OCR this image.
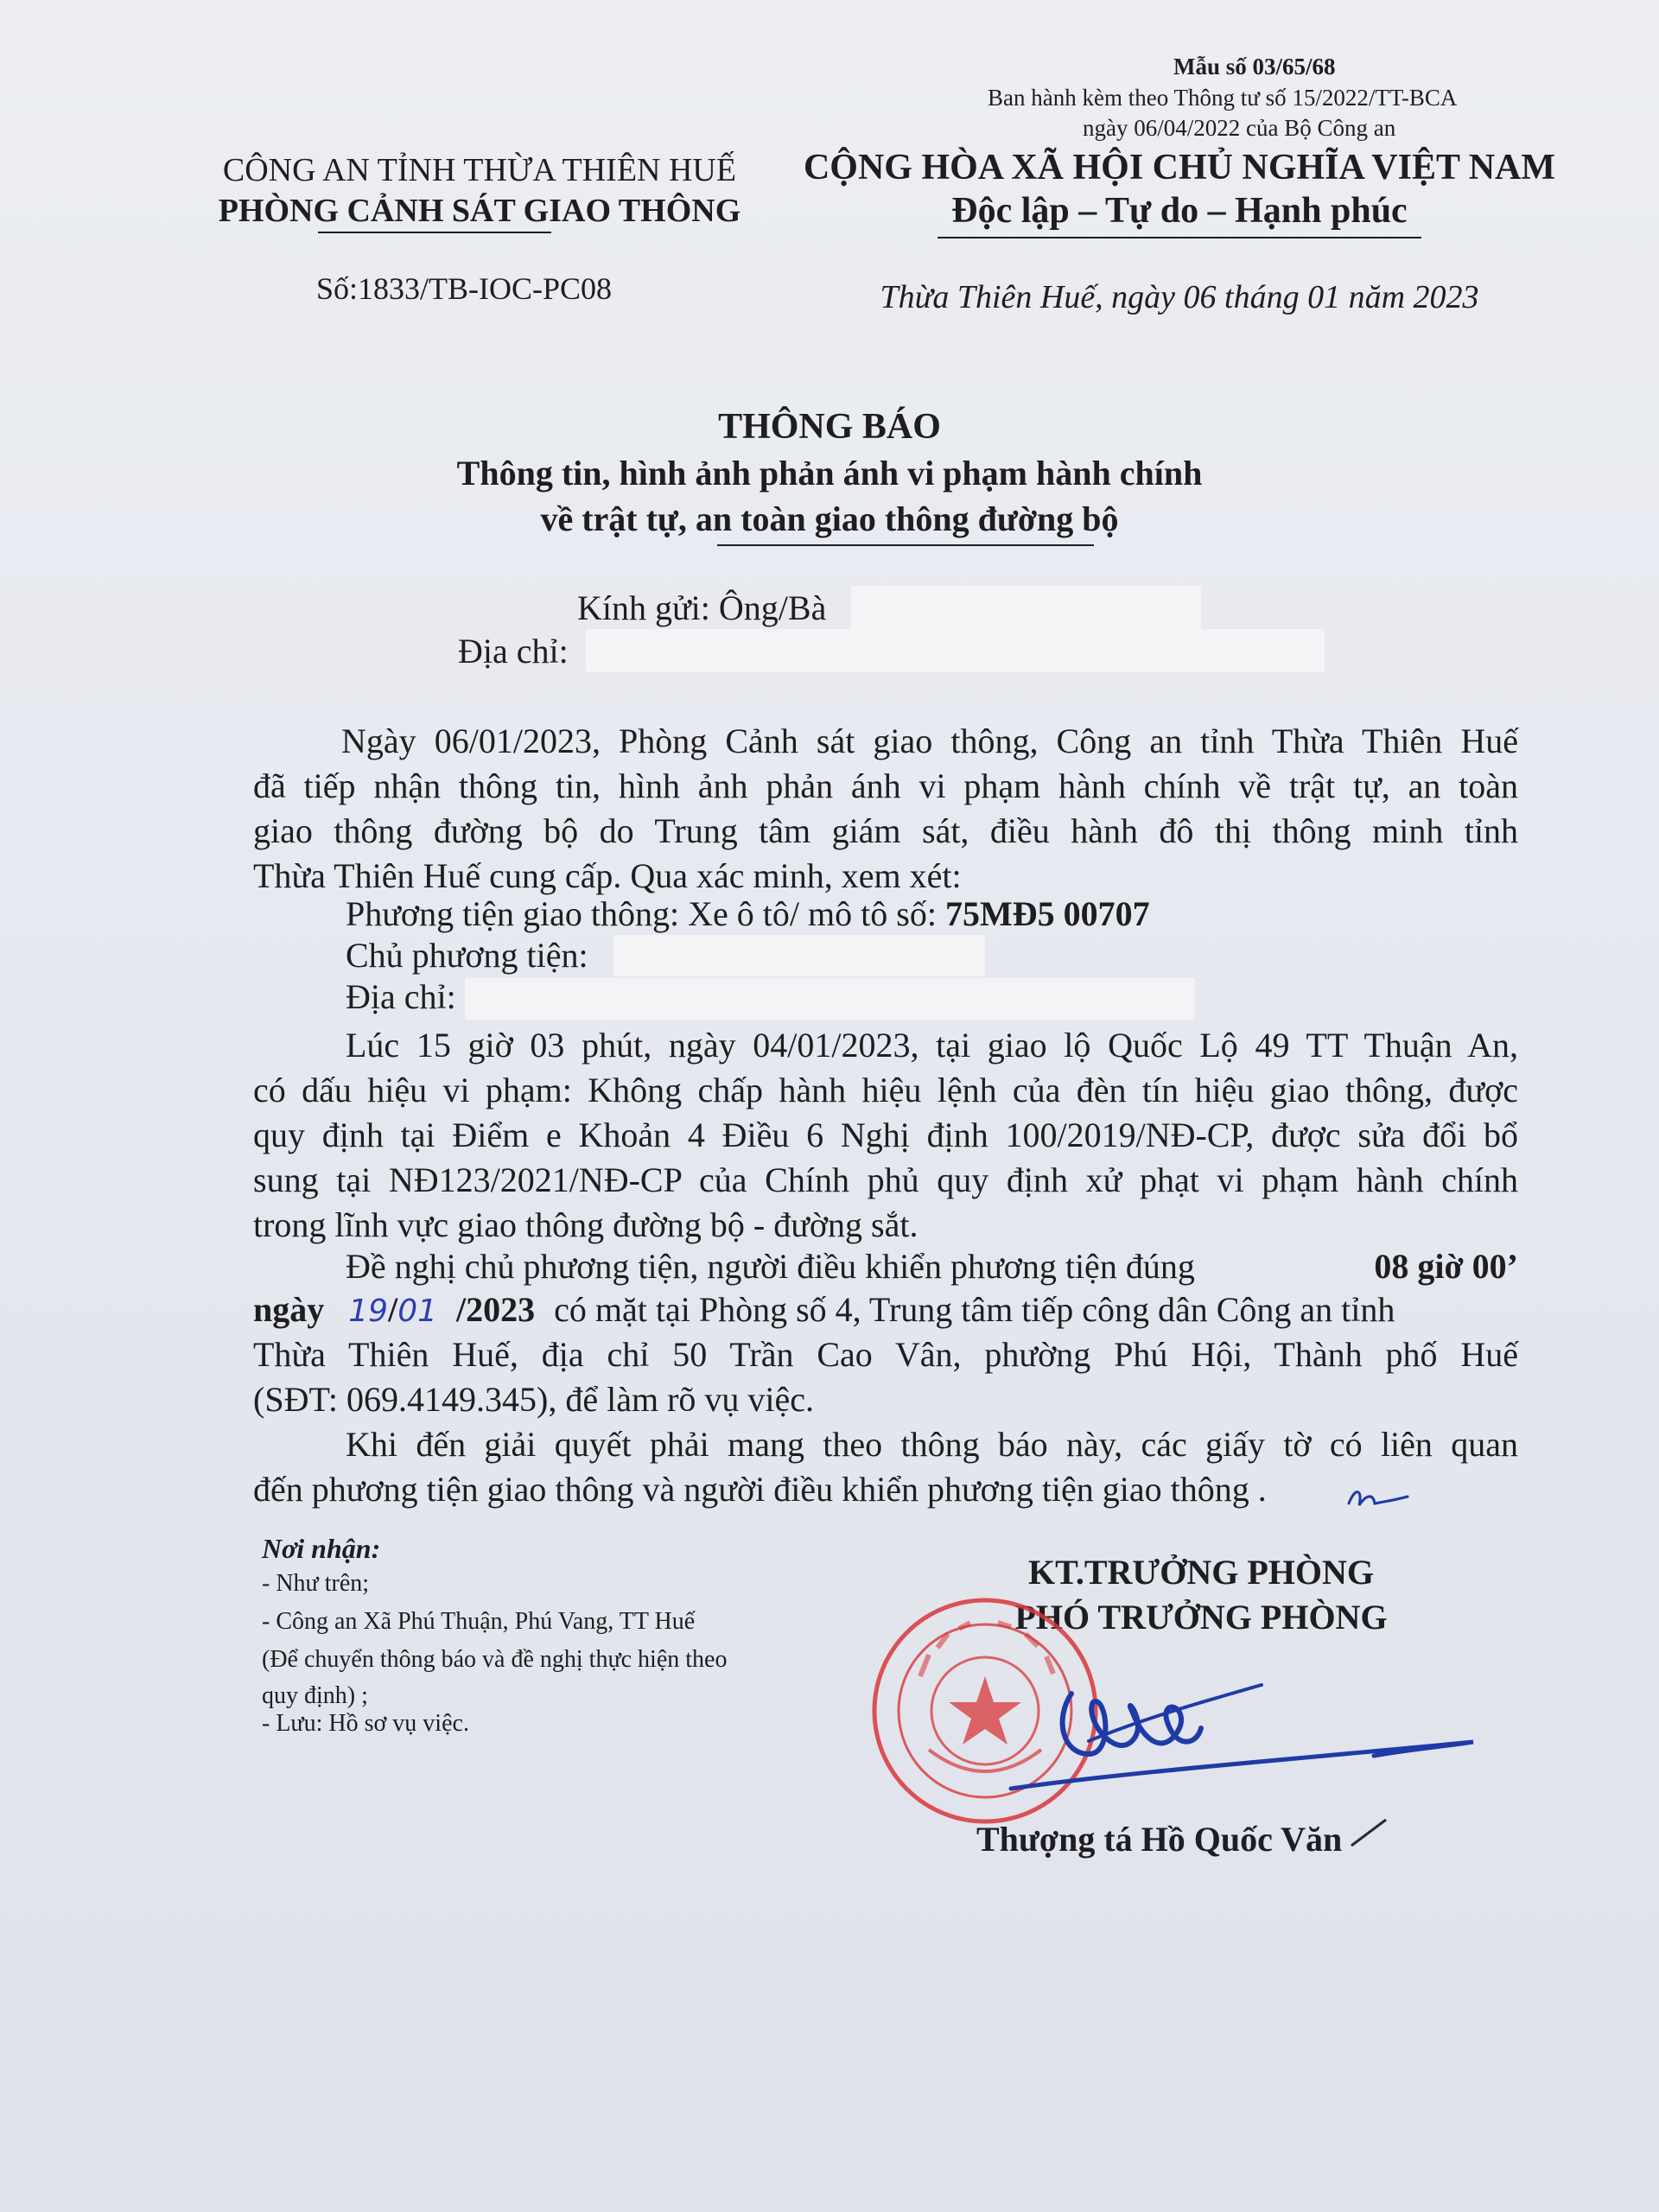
Mẫu số 03/65/68
Ban hành kèm theo Thông tư số 15/2022/TT-BCA
ngày 06/04/2022 của Bộ Công an
CÔNG AN TỈNH THỪA THIÊN HUẾ
PHÒNG CẢNH SÁT GIAO THÔNG
Số:1833/TB-IOC-PC08
CỘNG HÒA XÃ HỘI CHỦ NGHĨA VIỆT NAM
Độc lập – Tự do – Hạnh phúc
Thừa Thiên Huế, ngày 06 tháng 01 năm 2023
THÔNG BÁO
Thông tin, hình ảnh phản ánh vi phạm hành chính
về trật tự, an toàn giao thông đường bộ
Kính gửi: Ông/Bà
Địa chỉ:

Ngày 06/01/2023, Phòng Cảnh sát giao thông, Công an tỉnh Thừa Thiên Huế

đã tiếp nhận thông tin, hình ảnh phản ánh vi phạm hành chính về trật tự, an toàn

giao thông đường bộ do Trung tâm giám sát, điều hành đô thị thông minh tỉnh

Thừa Thiên Huế cung cấp. Qua xác minh, xem xét:

Phương tiện giao thông: Xe ô tô/ mô tô số: 75MĐ5 00707

Chủ phương tiện:

Địa chỉ:

Lúc 15 giờ 03 phút, ngày 04/01/2023, tại giao lộ Quốc Lộ 49 TT Thuận An,

có dấu hiệu vi phạm: Không chấp hành hiệu lệnh của đèn tín hiệu giao thông, được

quy định tại Điểm e Khoản 4 Điều 6 Nghị định 100/2019/NĐ-CP, được sửa đổi bổ

sung tại NĐ123/2021/NĐ-CP của Chính phủ quy định xử phạt vi phạm hành chính

trong lĩnh vực giao thông đường bộ - đường sắt.

Đề nghị chủ phương tiện, người điều khiển phương tiện đúng	08 giờ 00’

ngày 19/01 /2023 có mặt tại Phòng số 4, Trung tâm tiếp công dân Công an tỉnh

Thừa Thiên Huế, địa chỉ 50 Trần Cao Vân, phường Phú Hội, Thành phố Huế

(SĐT: 069.4149.345), để làm rõ vụ việc.

Khi đến giải quyết phải mang theo thông báo này, các giấy tờ có liên quan

đến phương tiện giao thông và người điều khiển phương tiện giao thông .

Nơi nhận:
- Như trên;
- Công an Xã Phú Thuận, Phú Vang, TT Huế
(Để chuyển thông báo và đề nghị thực hiện theo
quy định) ;
- Lưu: Hồ sơ vụ việc.
KT.TRƯỞNG PHÒNG
PHÓ TRƯỞNG PHÒNG
Thượng tá Hồ Quốc Văn
